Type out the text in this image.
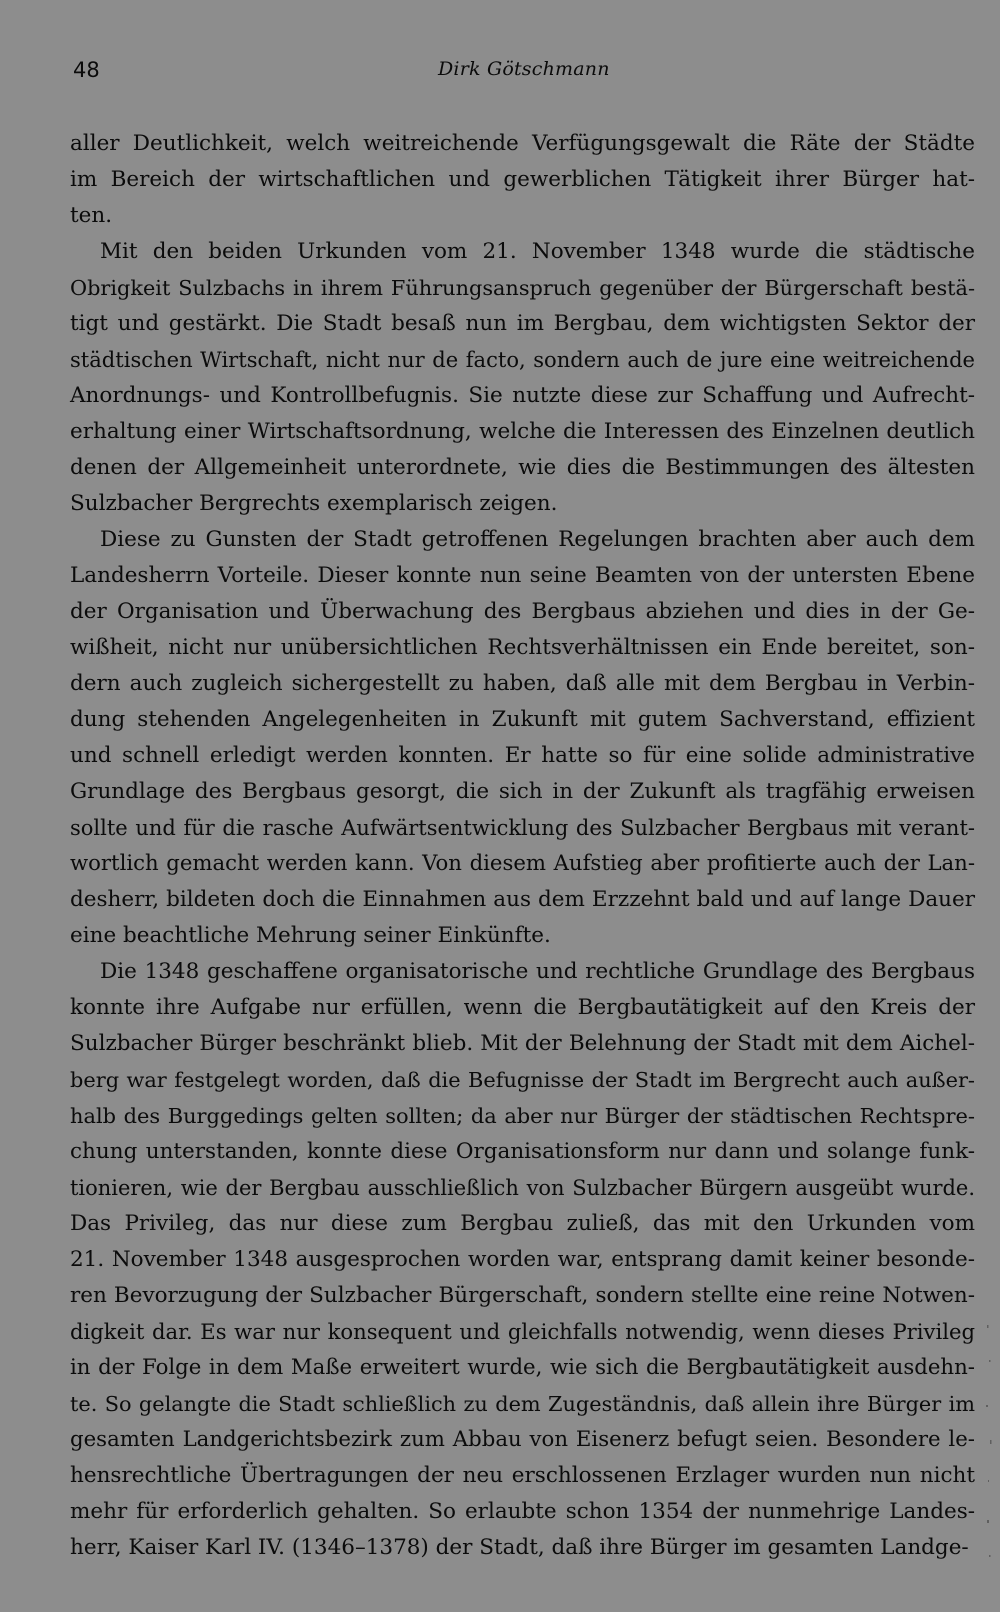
48	Dirk Götschmann
aller Deutlichkeit, welch weitreichende Verfügungsgewalt die Räte der Städte
im Bereich der wirtschaftlichen und gewerblichen Tätigkeit ihrer Bürger hat-
ten.
Mit den beiden Urkunden vom 21. November 1348 wurde die städtische
Obrigkeit Sulzbachs in ihrem Führungsanspruch gegenüber der Bürgerschaft bestä-
tigt und gestärkt. Die Stadt besaß nun im Bergbau, dem wichtigsten Sektor der
städtischen Wirtschaft, nicht nur de facto, sondern auch de jure eine weitreichende
Anordnungs- und Kontrollbefugnis. Sie nutzte diese zur Schaffung und Aufrecht-
erhaltung einer Wirtschaftsordnung, welche die Interessen des Einzelnen deutlich
denen der Allgemeinheit unterordnete, wie dies die Bestimmungen des ältesten
Sulzbacher Bergrechts exemplarisch zeigen.
Diese zu Gunsten der Stadt getroffenen Regelungen brachten aber auch dem
Landesherrn Vorteile. Dieser konnte nun seine Beamten von der untersten Ebene
der Organisation und Überwachung des Bergbaus abziehen und dies in der Ge-
wißheit, nicht nur unübersichtlichen Rechtsverhältnissen ein Ende bereitet, son-
dern auch zugleich sichergestellt zu haben, daß alle mit dem Bergbau in Verbin-
dung stehenden Angelegenheiten in Zukunft mit gutem Sachverstand, effizient
und schnell erledigt werden konnten. Er hatte so für eine solide administrative
Grundlage des Bergbaus gesorgt, die sich in der Zukunft als tragfähig erweisen
sollte und für die rasche Aufwärtsentwicklung des Sulzbacher Bergbaus mit verant-
wortlich gemacht werden kann. Von diesem Aufstieg aber profitierte auch der Lan-
desherr, bildeten doch die Einnahmen aus dem Erzzehnt bald und auf lange Dauer
eine beachtliche Mehrung seiner Einkünfte.
Die 1348 geschaffene organisatorische und rechtliche Grundlage des Bergbaus
konnte ihre Aufgabe nur erfüllen, wenn die Bergbautätigkeit auf den Kreis der
Sulzbacher Bürger beschränkt blieb. Mit der Belehnung der Stadt mit dem Aichel-
berg war festgelegt worden, daß die Befugnisse der Stadt im Bergrecht auch außer-
halb des Burggedings gelten sollten; da aber nur Bürger der städtischen Rechtspre-
chung unterstanden, konnte diese Organisationsform nur dann und solange funk-
tionieren, wie der Bergbau ausschließlich von Sulzbacher Bürgern ausgeübt wurde.
Das Privileg, das nur diese zum Bergbau zuließ, das mit den Urkunden vom
21. November 1348 ausgesprochen worden war, entsprang damit keiner besonde-
ren Bevorzugung der Sulzbacher Bürgerschaft, sondern stellte eine reine Notwen-
digkeit dar. Es war nur konsequent und gleichfalls notwendig, wenn dieses Privileg
in der Folge in dem Maße erweitert wurde, wie sich die Bergbautätigkeit ausdehn-
te. So gelangte die Stadt schließlich zu dem Zugeständnis, daß allein ihre Bürger im
gesamten Landgerichtsbezirk zum Abbau von Eisenerz befugt seien. Besondere le-
hensrechtliche Übertragungen der neu erschlossenen Erzlager wurden nun nicht
mehr für erforderlich gehalten. So erlaubte schon 1354 der nunmehrige Landes-
herr, Kaiser Karl IV. (1346–1378) der Stadt, daß ihre Bürger im gesamten Landge-
